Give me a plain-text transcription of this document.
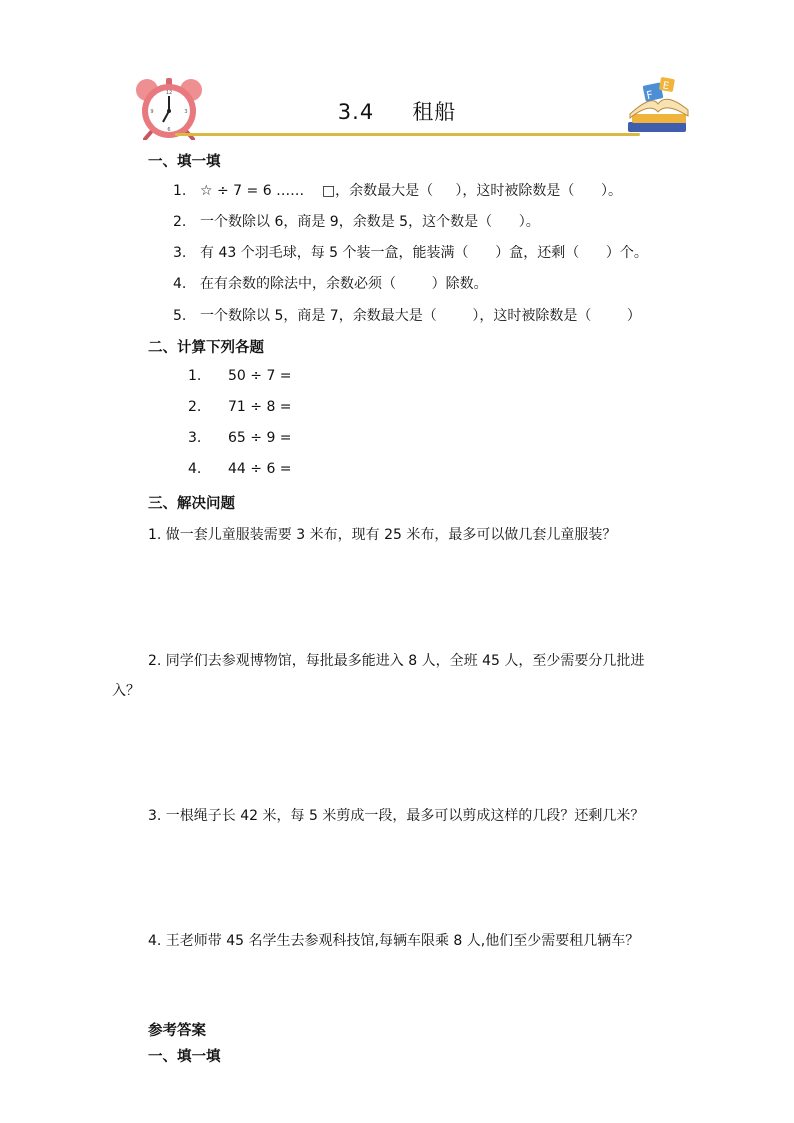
12
3
6
9
F
E
3.4 租船
一、填一填
1. ☆ ÷ 7 = 6 ……    □，余数最大是（     ），这时被除数是（      ）。
2. 一个数除以 6，商是 9，余数是 5，这个数是（      ）。
3. 有 43 个羽毛球，每 5 个装一盒，能装满（      ）盒，还剩（      ）个。
4. 在有余数的除法中，余数必须（        ）除数。
5. 一个数除以 5，商是 7，余数最大是（        ），这时被除数是（        ）
二、计算下列各题
1. 50 ÷ 7 =
2. 71 ÷ 8 =
3. 65 ÷ 9 =
4. 44 ÷ 6 =
三、解决问题
1. 做一套儿童服装需要 3 米布，现有 25 米布，最多可以做几套儿童服装？
2. 同学们去参观博物馆，每批最多能进入 8 人，全班 45 人，至少需要分几批进
入？
3. 一根绳子长 42 米，每 5 米剪成一段，最多可以剪成这样的几段？还剩几米？
4. 王老师带 45 名学生去参观科技馆,每辆车限乘 8 人,他们至少需要租几辆车？
参考答案
一、填一填
